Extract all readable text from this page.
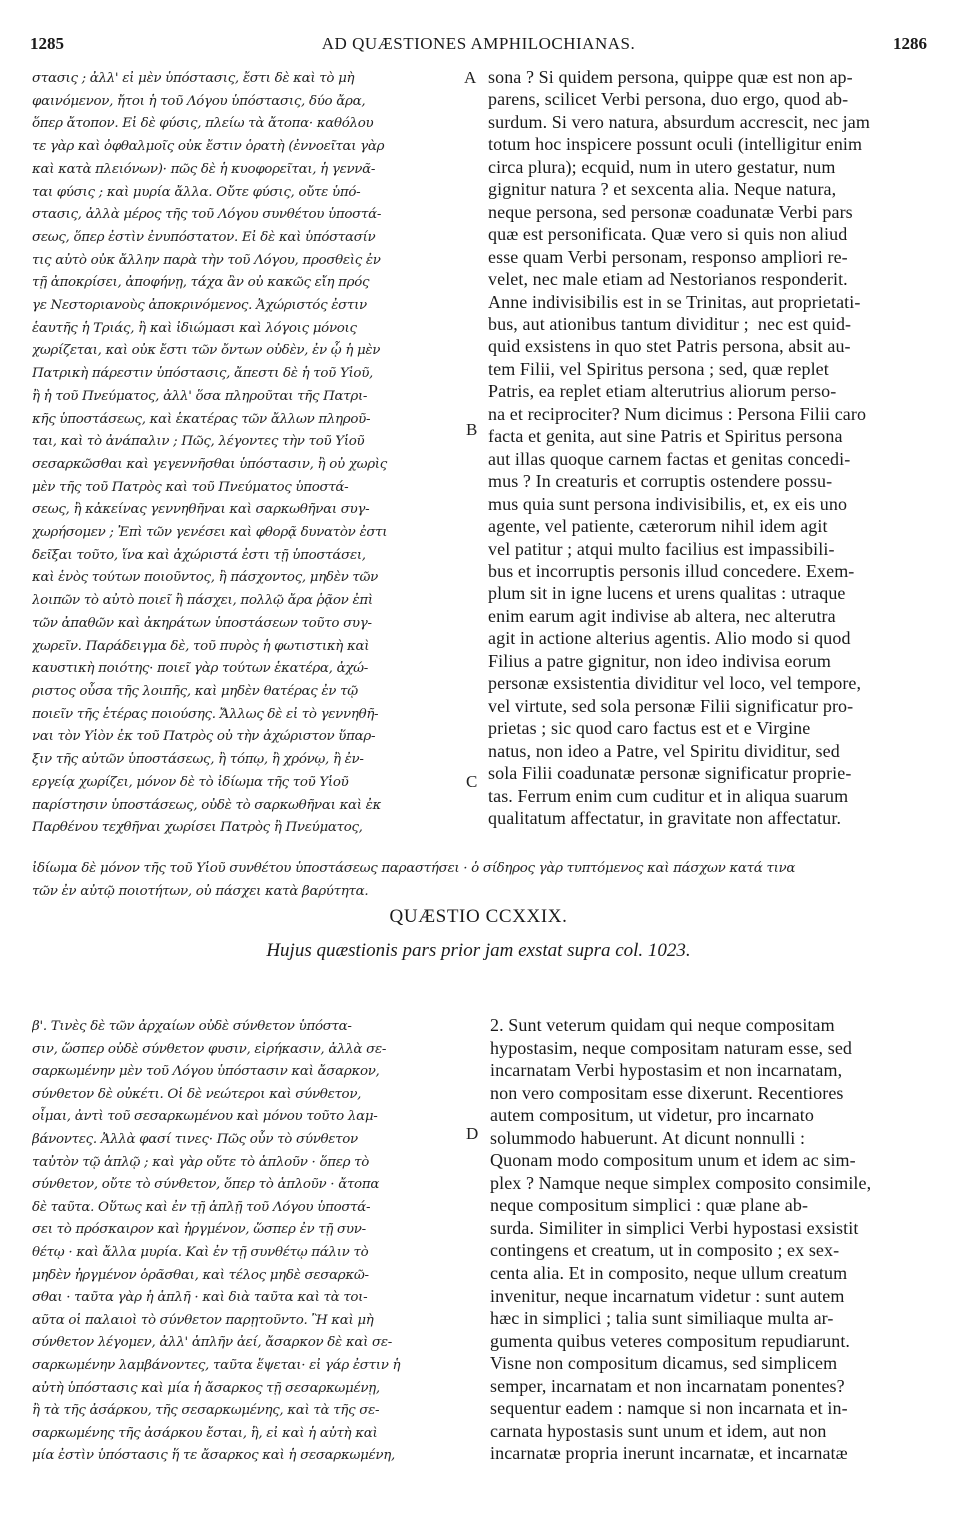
1285	AD QUÆSTIONES AMPHILOCHIANAS.	1286
στασις ; ἀλλ' εἰ μὲν ὑπόστασις, ἔστι δὲ καὶ τὸ μὴ
φαινόμενον, ἤτοι ἡ τοῦ Λόγου ὑπόστασις, δύο ἄρα,
ὅπερ ἄτοπον. Εἰ δὲ φύσις, πλείω τὰ ἄτοπα· καθόλου
τε γὰρ καὶ ὀφθαλμοῖς οὐκ ἔστιν ὁρατὴ (ἐννοεῖται γὰρ
καὶ κατὰ πλειόνων)· πῶς δὲ ἡ κυοφορεῖται, ἡ γεννᾶ-
ται φύσις ; καὶ μυρία ἄλλα. Οὔτε φύσις, οὔτε ὑπό-
στασις, ἀλλὰ μέρος τῆς τοῦ Λόγου συνθέτου ὑποστά-
σεως, ὅπερ ἐστὶν ἐνυπόστατον. Εἰ δὲ καὶ ὑπόστασίν
τις αὐτὸ οὐκ ἄλλην παρὰ τὴν τοῦ Λόγου, προσθεὶς ἐν
τῇ ἀποκρίσει, ἀποφήνῃ, τάχα ἂν οὐ κακῶς εἴη πρός
γε Νεστοριανοὺς ἀποκρινόμενος. Ἀχώριστός ἐστιν
ἑαυτῆς ἡ Τριάς, ἢ καὶ ἰδιώμασι καὶ λόγοις μόνοις
χωρίζεται, καὶ οὐκ ἔστι τῶν ὄντων οὐδὲν, ἐν ᾧ ἡ μὲν
Πατρικὴ πάρεστιν ὑπόστασις, ἄπεστι δὲ ἡ τοῦ Υἱοῦ,
ἢ ἡ τοῦ Πνεύματος, ἀλλ' ὅσα πληροῦται τῆς Πατρι-
κῆς ὑποστάσεως, καὶ ἑκατέρας τῶν ἄλλων πληροῦ-
ται, καὶ τὸ ἀνάπαλιν ; Πῶς, λέγοντες τὴν τοῦ Υἱοῦ
σεσαρκῶσθαι καὶ γεγεννῆσθαι ὑπόστασιν, ἢ οὐ χωρὶς
μὲν τῆς τοῦ Πατρὸς καὶ τοῦ Πνεύματος ὑποστά-
σεως, ἢ κἀκείνας γεννηθῆναι καὶ σαρκωθῆναι συγ-
χωρήσομεν ; Ἐπὶ τῶν γενέσει καὶ φθορᾷ δυνατὸν ἐστι
δεῖξαι τοῦτο, ἵνα καὶ ἀχώριστά ἐστι τῇ ὑποστάσει,
καὶ ἑνὸς τούτων ποιοῦντος, ἢ πάσχοντος, μηδὲν τῶν
λοιπῶν τὸ αὐτὸ ποιεῖ ἢ πάσχει, πολλῷ ἄρα ῥᾷον ἐπὶ
τῶν ἀπαθῶν καὶ ἀκηράτων ὑποστάσεων τοῦτο συγ-
χωρεῖν. Παράδειγμα δὲ, τοῦ πυρὸς ἡ φωτιστικὴ καὶ
καυστικὴ ποιότης· ποιεῖ γὰρ τούτων ἑκατέρα, ἀχώ-
ριστος οὖσα τῆς λοιπῆς, καὶ μηδὲν θατέρας ἐν τῷ
ποιεῖν τῆς ἑτέρας ποιούσης. Ἄλλως δὲ εἰ τὸ γεννηθῆ-
ναι τὸν Υἱὸν ἐκ τοῦ Πατρὸς οὐ τὴν ἀχώριστον ὕπαρ-
ξιν τῆς αὐτῶν ὑποστάσεως, ἢ τόπῳ, ἢ χρόνῳ, ἢ ἐν-
εργείᾳ χωρίζει, μόνον δὲ τὸ ἰδίωμα τῆς τοῦ Υἱοῦ
παρίστησιν ὑποστάσεως, οὐδὲ τὸ σαρκωθῆναι καὶ ἐκ
Παρθένου τεχθῆναι χωρίσει Πατρὸς ἢ Πνεύματος,
sona ? Si quidem persona, quippe quæ est non ap-
parens, scilicet Verbi persona, duo ergo, quod ab-
surdum. Si vero natura, absurdum accrescit, nec jam
totum hoc inspicere possunt oculi (intelligitur enim
circa plura); ecquid, num in utero gestatur, num
gignitur natura ? et sexcenta alia. Neque natura,
neque persona, sed personæ coadunatæ Verbi pars
quæ est personificata. Quæ vero si quis non aliud
esse quam Verbi personam, responso ampliori re-
velet, nec male etiam ad Nestorianos responderit.
Anne indivisibilis est in se Trinitas, aut proprietati-
bus, aut ationibus tantum dividitur ;  nec est quid-
quid exsistens in quo stet Patris persona, absit au-
tem Filii, vel Spiritus persona ; sed, quæ replet
Patris, ea replet etiam alterutrius aliorum perso-
na et reciprociter? Num dicimus : Persona Filii caro
facta et genita, aut sine Patris et Spiritus persona
aut illas quoque carnem factas et genitas concedi-
mus ? In creaturis et corruptis ostendere possu-
mus quia sunt persona indivisibilis, et, ex eis uno
agente, vel patiente, cæterorum nihil idem agit
vel patitur ; atqui multo facilius est impassibili-
bus et incorruptis personis illud concedere. Exem-
plum sit in igne lucens et urens qualitas : utraque
enim earum agit indivise ab altera, nec alterutra
agit in actione alterius agentis. Alio modo si quod
Filius a patre gignitur, non ideo indivisa eorum
personæ exsistentia dividitur vel loco, vel tempore,
vel virtute, sed sola personæ Filii significatur pro-
prietas ; sic quod caro factus est et e Virgine
natus, non ideo a Patre, vel Spiritu dividitur, sed
sola Filii coadunatæ personæ significatur proprie-
tas. Ferrum enim cum cuditur et in aliqua suarum
qualitatum affectatur, in gravitate non affectatur.
A
B
C
D
ἰδίωμα δὲ μόνον τῆς τοῦ Υἱοῦ συνθέτου ὑποστάσεως παραστήσει · ὁ σίδηρος γὰρ τυπτόμενος καὶ πάσχων κατά τινα
τῶν ἐν αὐτῷ ποιοτήτων, οὐ πάσχει κατὰ βαρύτητα.
QUÆSTIO CCXXIX.
Hujus quæstionis pars prior jam exstat supra col. 1023.
β'. Τινὲς δὲ τῶν ἀρχαίων οὐδὲ σύνθετον ὑπόστα-
σιν, ὥσπερ οὐδὲ σύνθετον φυσιν, εἰρήκασιν, ἀλλὰ σε-
σαρκωμένην μὲν τοῦ Λόγου ὑπόστασιν καὶ ἄσαρκον,
σύνθετον δὲ οὐκέτι. Οἱ δὲ νεώτεροι καὶ σύνθετον,
οἶμαι, ἀντὶ τοῦ σεσαρκωμένου καὶ μόνου τοῦτο λαμ-
βάνοντες. Ἀλλὰ φασί τινες· Πῶς οὖν τὸ σύνθετον
ταὐτὸν τῷ ἁπλῷ ; καὶ γὰρ οὔτε τὸ ἁπλοῦν · ὅπερ τὸ
σύνθετον, οὔτε τὸ σύνθετον, ὅπερ τὸ ἁπλοῦν · ἄτοπα
δὲ ταῦτα. Οὕτως καὶ ἐν τῇ ἁπλῇ τοῦ Λόγου ὑποστά-
σει τὸ πρόσκαιρον καὶ ἠργμένον, ὥσπερ ἐν τῇ συν-
θέτῳ · καὶ ἄλλα μυρία. Καὶ ἐν τῇ συνθέτῳ πάλιν τὸ
μηδὲν ἠργμένον ὁρᾶσθαι, καὶ τέλος μηδὲ σεσαρκῶ-
σθαι · ταῦτα γὰρ ἡ ἁπλῆ · καὶ διὰ ταῦτα καὶ τὰ τοι-
αῦτα οἱ παλαιοὶ τὸ σύνθετον παρῃτοῦντο. Ἢ καὶ μὴ
σύνθετον λέγομεν, ἀλλ' ἁπλῆν ἀεί, ἄσαρκον δὲ καὶ σε-
σαρκωμένην λαμβάνοντες, ταῦτα ἕψεται· εἰ γάρ ἐστιν ἡ
αὐτὴ ὑπόστασις καὶ μία ἡ ἄσαρκος τῇ σεσαρκωμένῃ,
ἢ τὰ τῆς ἀσάρκου, τῆς σεσαρκωμένης, καὶ τὰ τῆς σε-
σαρκωμένης τῆς ἀσάρκου ἔσται, ἢ, εἰ καὶ ἡ αὐτὴ καὶ
μία ἐστὶν ὑπόστασις ἥ τε ἄσαρκος καὶ ἡ σεσαρκωμένη,
2. Sunt veterum quidam qui neque compositam
hypostasim, neque compositam naturam esse, sed
incarnatam Verbi hypostasim et non incarnatam,
non vero compositam esse dixerunt. Recentiores
autem compositum, ut videtur, pro incarnato
solummodo habuerunt. At dicunt nonnulli :
Quonam modo compositum unum et idem ac sim-
plex ? Namque neque simplex composito consimile,
neque compositum simplici : quæ plane ab-
surda. Similiter in simplici Verbi hypostasi exsistit
contingens et creatum, ut in composito ; ex sex-
centa alia. Et in composito, neque ullum creatum
invenitur, neque incarnatum videtur : sunt autem
hæc in simplici ; talia sunt similiaque multa ar-
gumenta quibus veteres compositum repudiarunt.
Visne non compositum dicamus, sed simplicem
semper, incarnatam et non incarnatam ponentes?
sequentur eadem : namque si non incarnata et in-
carnata hypostasis sunt unum et idem, aut non
incarnatæ propria inerunt incarnatæ, et incarnatæ
